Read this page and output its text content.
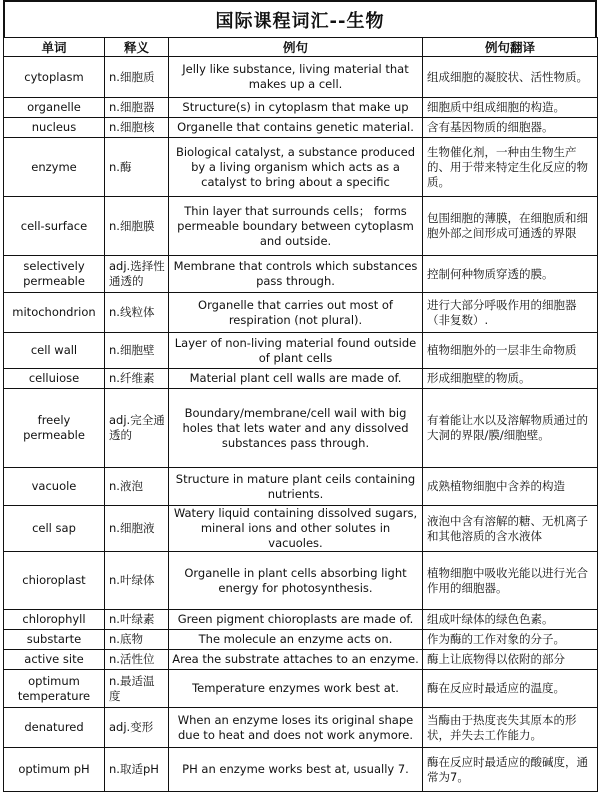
国际课程词汇--生物
单词	释义	例句	例句翻译
cytoplasm	n.细胞质	Jelly like substance, living material that makes up a cell.	组成细胞的凝胶状、活性物质。
organelle	n.细胞器	Structure(s) in cytoplasm that make up	细胞质中组成细胞的构造。
nucleus	n.细胞核	Organelle that contains genetic material.	含有基因物质的细胞器。
enzyme	n.酶	Biological catalyst, a substance produced by a living organism which acts as a catalyst to bring about a specific	生物催化剂，一种由生物生产的、用于带来特定生化反应的物质。
cell-surface	n.细胞膜	Thin layer that surrounds cells； forms permeable boundary between cytoplasm and outside.	包围细胞的薄膜，在细胞质和细胞外部之间形成可通透的界限
selectively permeable	adj.选择性通透的	Membrane that controls which substances pass through.	控制何种物质穿透的膜。
mitochondrion	n.线粒体	Organelle that carries out most of respiration (not plural).	进行大部分呼吸作用的细胞器（非复数）.
cell wall	n.细胞壁	Layer of non-living material found outside of plant cells	植物细胞外的一层非生命物质
celluiose	n.纤维素	Material plant cell walls are made of.	形成细胞壁的物质。
freely permeable	adj.完全通透的	Boundary/membrane/cell wail with big holes that lets water and any dissolved substances pass through.	有着能让水以及溶解物质通过的大洞的界限/膜/细胞壁。
vacuole	n.液泡	Structure in mature plant ceils containing nutrients.	成熟植物细胞中含养的构造
cell sap	n.细胞液	Watery liquid containing dissolved sugars, mineral ions and other solutes in vacuoles.	液泡中含有溶解的糖、无机离子和其他溶质的含水液体
chioroplast	n.叶绿体	Organelle in plant cells absorbing light energy for photosynthesis.	植物细胞中吸收光能以进行光合作用的细胞器。
chlorophyll	n.叶绿素	Green pigment chioroplasts are made of.	组成叶绿体的绿色色素。
substarte	n.底物	The molecule an enzyme acts on.	作为酶的工作对象的分子。
active site	n.活性位	Area the substrate attaches to an enzyme.	酶上让底物得以依附的部分
optimum temperature	n.最适温度	Temperature enzymes work best at.	酶在反应时最适应的温度。
denatured	adj.变形	When an enzyme loses its original shape due to heat and does not work anymore.	当酶由于热度丧失其原本的形状，并失去工作能力。
optimum pH	n.取适pH	PH an enzyme works best at, usually 7.	酶在反应时最适应的酸碱度，通常为7。
